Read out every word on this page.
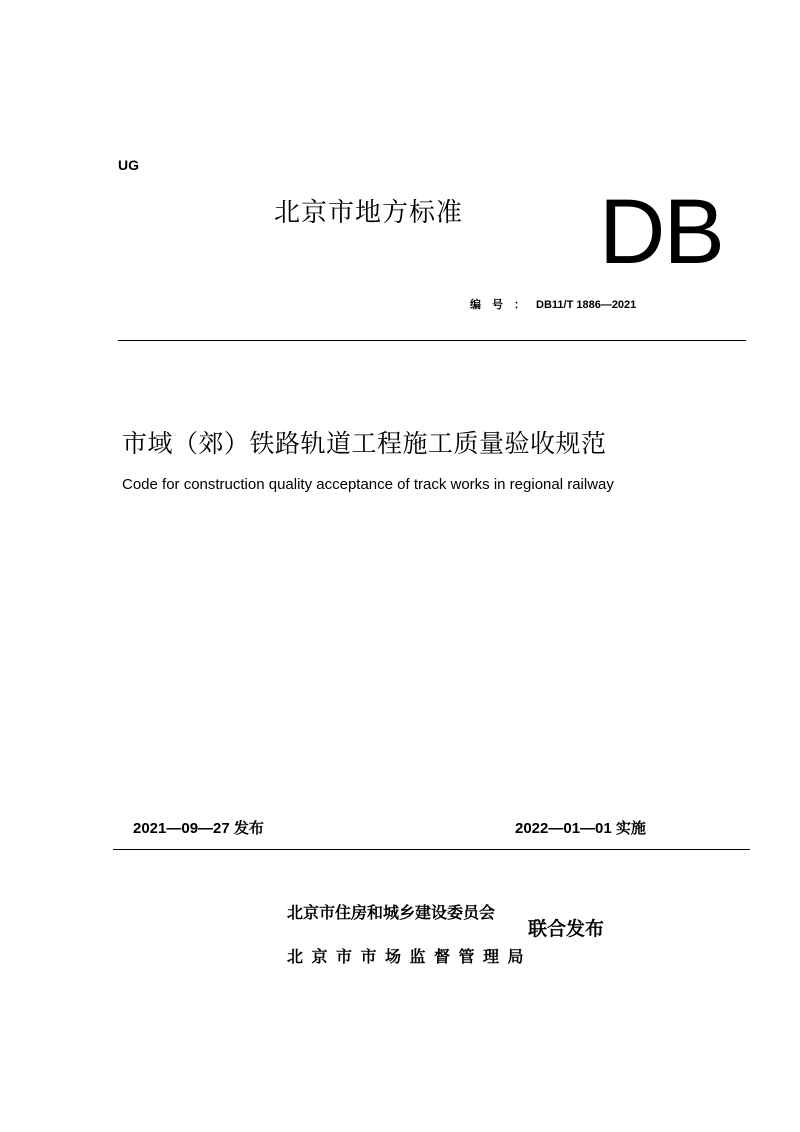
UG
北京市地方标准 DB
编号：DB11/T 1886—2021
市域（郊）铁路轨道工程施工质量验收规范
Code for construction quality acceptance of track works in regional railway
2021—09—27 发布	2022—01—01 实施
北京市住房和城乡建设委员会
北京市市场监督管理局
联合发布
